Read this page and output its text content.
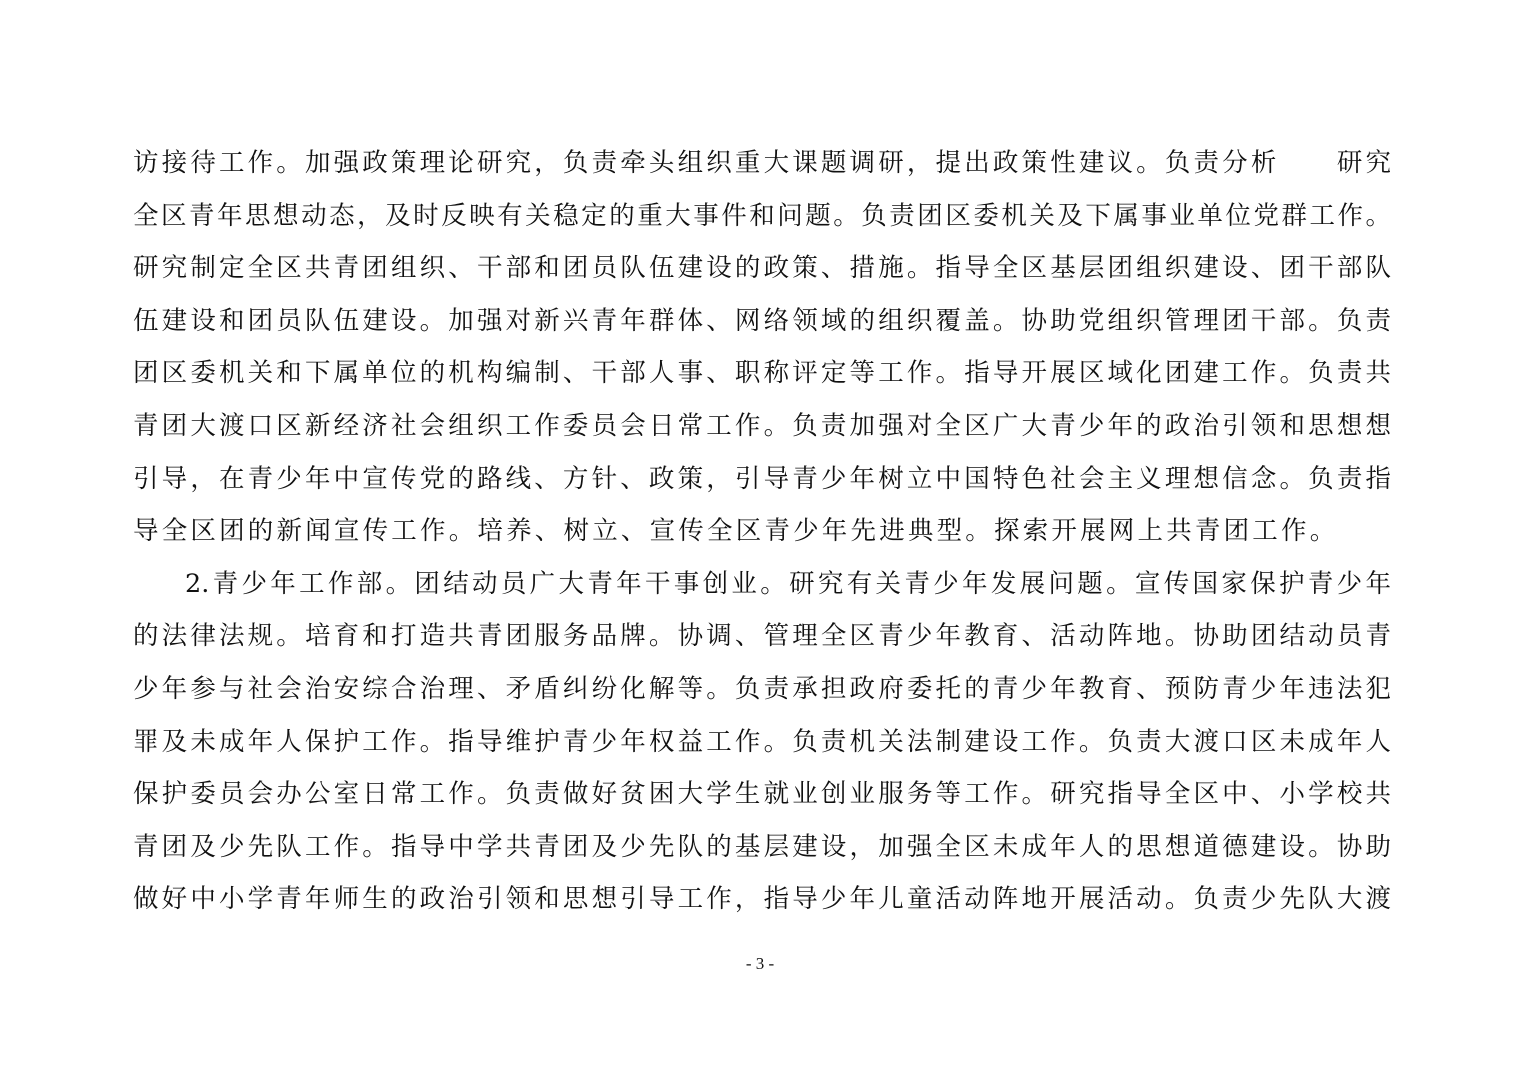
访接待工作。加强政策理论研究，负责牵头组织重大课题调研，提出政策性建议。负责分析　　研究
全区青年思想动态，及时反映有关稳定的重大事件和问题。负责团区委机关及下属事业单位党群工作。
研究制定全区共青团组织、干部和团员队伍建设的政策、措施。指导全区基层团组织建设、团干部队
伍建设和团员队伍建设。加强对新兴青年群体、网络领域的组织覆盖。协助党组织管理团干部。负责
团区委机关和下属单位的机构编制、干部人事、职称评定等工作。指导开展区域化团建工作。负责共
青团大渡口区新经济社会组织工作委员会日常工作。负责加强对全区广大青少年的政治引领和思想想
引导，在青少年中宣传党的路线、方针、政策，引导青少年树立中国特色社会主义理想信念。负责指
导全区团的新闻宣传工作。培养、树立、宣传全区青少年先进典型。探索开展网上共青团工作。
2.青少年工作部。团结动员广大青年干事创业。研究有关青少年发展问题。宣传国家保护青少年
的法律法规。培育和打造共青团服务品牌。协调、管理全区青少年教育、活动阵地。协助团结动员青
少年参与社会治安综合治理、矛盾纠纷化解等。负责承担政府委托的青少年教育、预防青少年违法犯
罪及未成年人保护工作。指导维护青少年权益工作。负责机关法制建设工作。负责大渡口区未成年人
保护委员会办公室日常工作。负责做好贫困大学生就业创业服务等工作。研究指导全区中、小学校共
青团及少先队工作。指导中学共青团及少先队的基层建设，加强全区未成年人的思想道德建设。协助
做好中小学青年师生的政治引领和思想引导工作，指导少年儿童活动阵地开展活动。负责少先队大渡
- 3 -
